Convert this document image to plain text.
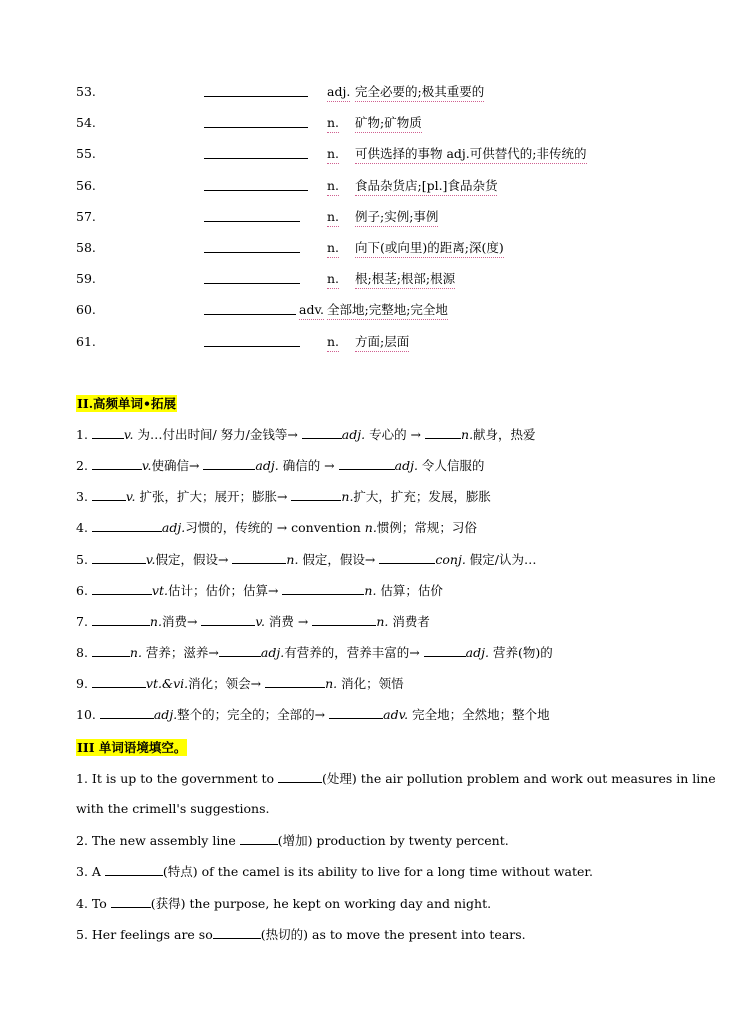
53.	adj. 完全必要的;极其重要的
54.	n. 矿物;矿物质
55.	n. 可供选择的事物 adj.可供替代的;非传统的
56.	n. 食品杂货店;[pl.]食品杂货
57.	n. 例子;实例;事例
58.	n. 向下(或向里)的距离;深(度)
59.	n. 根;根茎;根部;根源
60.	adv. 全部地;完整地;完全地
61.	n. 方面;层面
II.高频单词•拓展
1.	v. 为…付出时间/ 努力/金钱等→	adj. 专心的 →	n.献身，热爱
2.	v.使确信→	adj. 确信的 →	adj. 令人信服的
3.	v. 扩张，扩大；展开；膨胀→	n.扩大，扩充；发展，膨胀
4.	adj.习惯的，传统的 → convention n.惯例；常规；习俗
5.	v.假定，假设→	n. 假定，假设→	conj. 假定/认为…
6.	vt.估计；估价；估算→	n. 估算；估价
7.	n.消费→	v. 消费 →	n. 消费者
8.	n. 营养；滋养→	adj.有营养的，营养丰富的→	adj. 营养(物)的
9.	vt.&vi.消化；领会→	n. 消化；领悟
10.	adj.整个的；完全的；全部的→	adv. 完全地；全然地；整个地
III 单词语境填空。
1. It is up to the government to	(处理) the air pollution problem and work out measures in line
with the crimell's suggestions.
2. The new assembly line	(增加) production by twenty percent.
3. A	(特点) of the camel is its ability to live for a long time without water.
4. To	(获得) the purpose, he kept on working day and night.
5. Her feelings are so	(热切的) as to move the present into tears.
